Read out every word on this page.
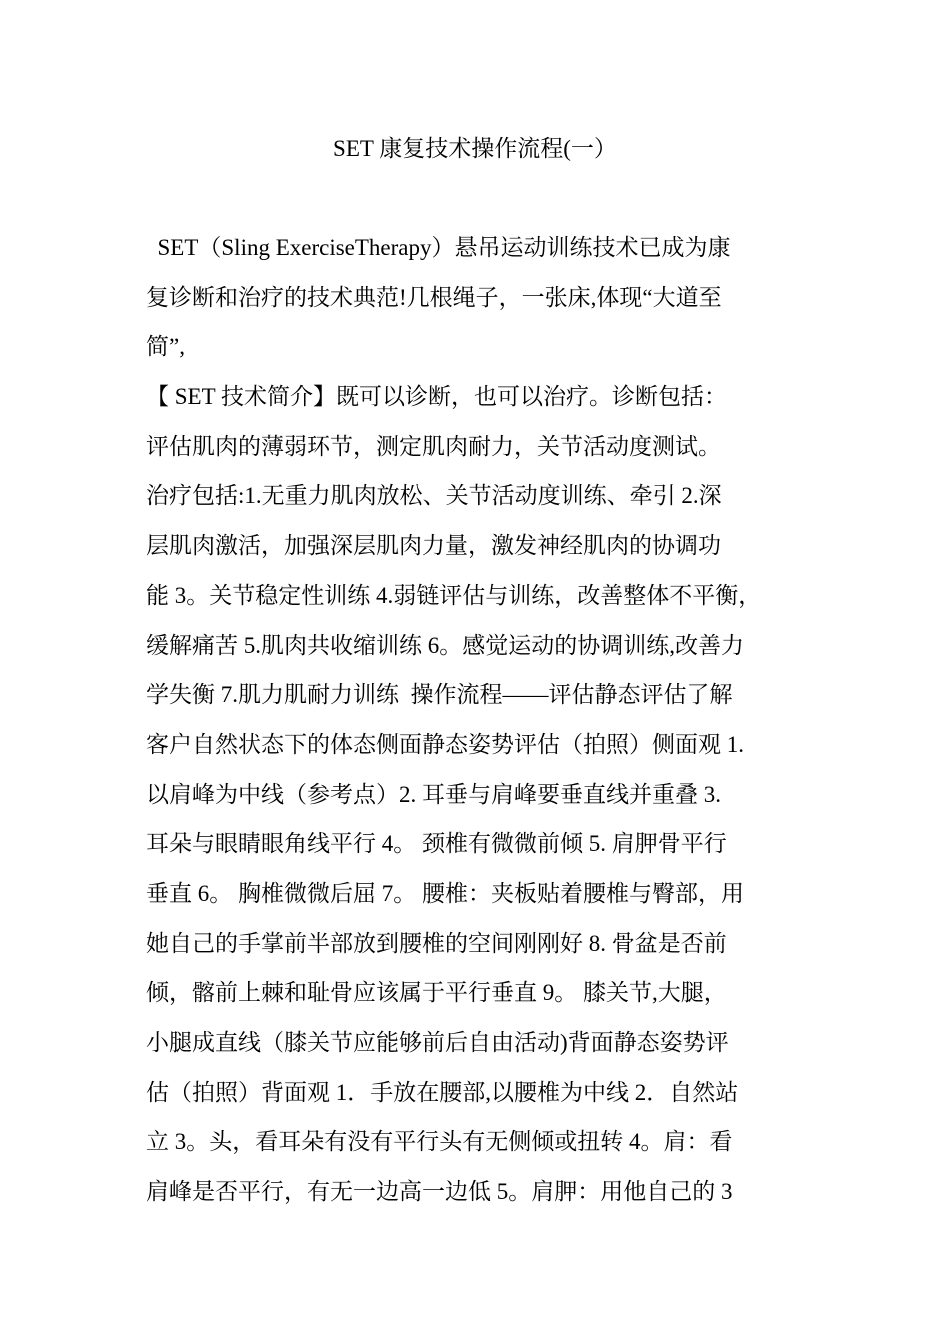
SET 康复技术操作流程(一）
SET（Sling ExerciseTherapy）悬吊运动训练技术已成为康
复诊断和治疗的技术典范!几根绳子，一张床,体现“大道至
简”,
【 SET 技术简介】既可以诊断，也可以治疗。诊断包括：
评估肌肉的薄弱环节，测定肌肉耐力，关节活动度测试。
治疗包括:1.无重力肌肉放松、关节活动度训练、牵引 2.深
层肌肉激活，加强深层肌肉力量，激发神经肌肉的协调功
能 3。关节稳定性训练 4.弱链评估与训练，改善整体不平衡，
缓解痛苦 5.肌肉共收缩训练 6。感觉运动的协调训练,改善力
学失衡 7.肌力肌耐力训练  操作流程——评估静态评估了解
客户自然状态下的体态侧面静态姿势评估（拍照）侧面观 1.
以肩峰为中线（参考点）2. 耳垂与肩峰要垂直线并重叠 3.
耳朵与眼睛眼角线平行 4。 颈椎有微微前倾 5. 肩胛骨平行
垂直 6。 胸椎微微后屈 7。 腰椎：夹板贴着腰椎与臀部，用
她自己的手掌前半部放到腰椎的空间刚刚好 8. 骨盆是否前
倾，髂前上棘和耻骨应该属于平行垂直 9。 膝关节,大腿，
小腿成直线（膝关节应能够前后自由活动)背面静态姿势评
估（拍照）背面观 1．手放在腰部,以腰椎为中线 2．自然站
立 3。头，看耳朵有没有平行头有无侧倾或扭转 4。肩：看
肩峰是否平行，有无一边高一边低 5。肩胛：用他自己的 3
